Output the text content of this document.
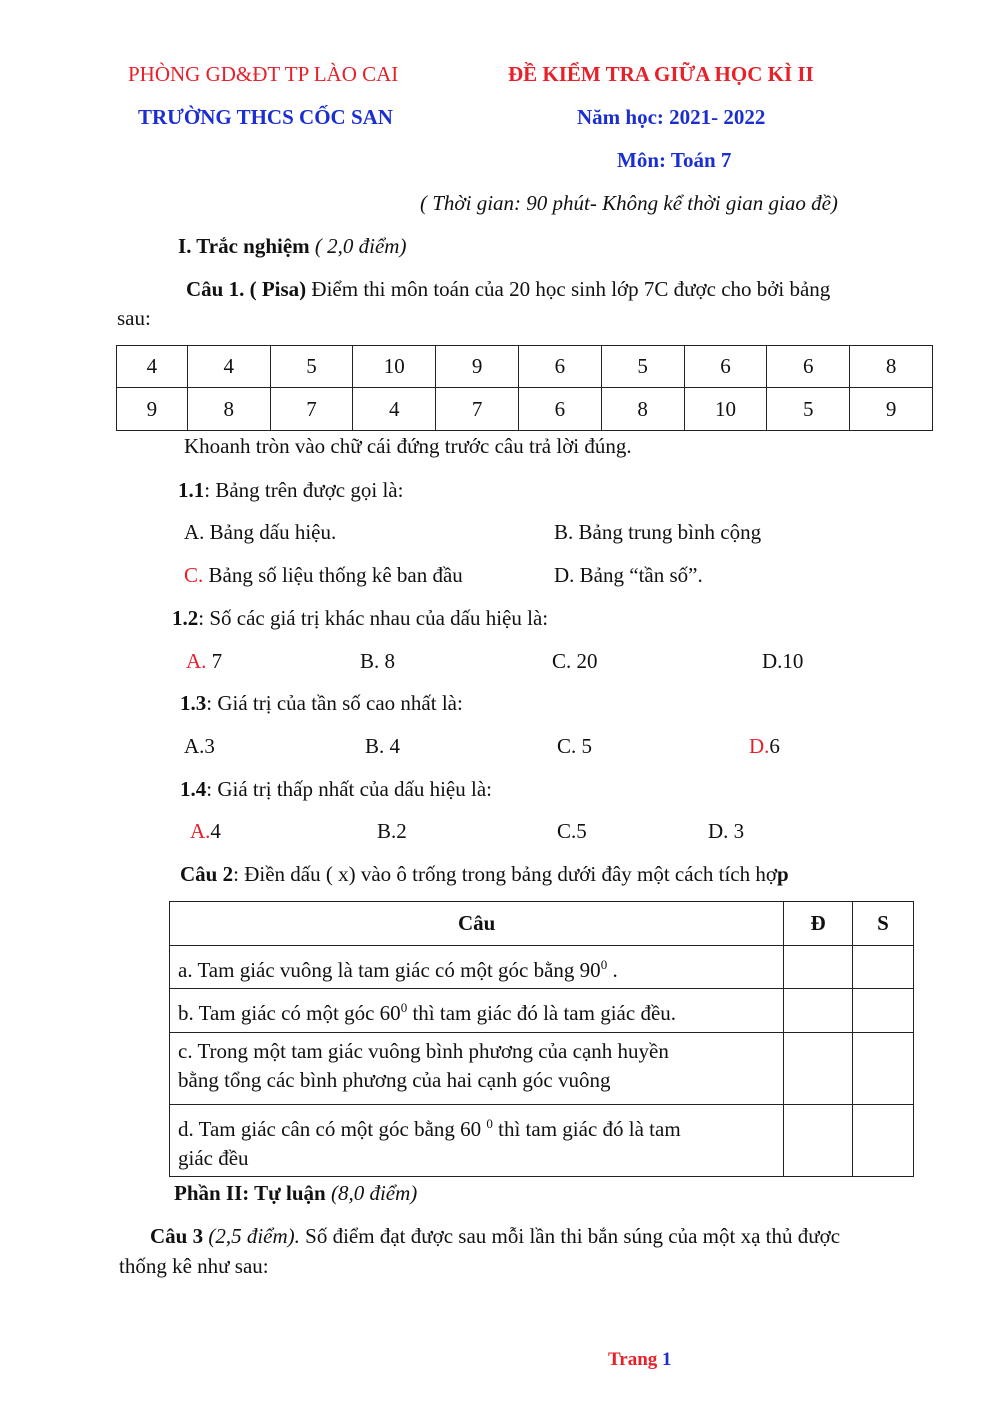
PHÒNG GD&ĐT TP LÀO CAI	ĐỀ KIỂM TRA GIỮA HỌC KÌ II
TRƯỜNG THCS CỐC SAN	Năm học: 2021- 2022
Môn: Toán 7
( Thời gian: 90 phút- Không kể thời gian giao đề)
I. Trắc nghiệm ( 2,0 điểm)
Câu 1. ( Pisa) Điểm thi môn toán của 20 học sinh lớp 7C được cho bởi bảng
sau:
4	4	5	10	9	6	5	6	6	8
9	8	7	4	7	6	8	10	5	9
Khoanh tròn vào chữ cái đứng trước câu trả lời đúng.
1.1: Bảng trên được gọi là:
A. Bảng dấu hiệu.	B. Bảng trung bình cộng
C. Bảng số liệu thống kê ban đầu	D. Bảng “tần số”.
1.2: Số các giá trị khác nhau của dấu hiệu là:
A. 7	B. 8	C. 20	D.10
1.3: Giá trị của tần số cao nhất là:
A.3	B. 4	C. 5	D.6
1.4: Giá trị thấp nhất của dấu hiệu là:
A.4	B.2	C.5	D. 3
Câu 2: Điền dấu ( x) vào ô trống trong bảng dưới đây một cách tích hợp
Câu	Đ	S
a. Tam giác vuông là tam giác có một góc bằng $90^0$ .		
b. Tam giác có một góc $60^0$ thì tam giác đó là tam giác đều.		

c. Trong một tam giác vuông bình phương của cạnh huyền
bằng tổng các bình phương của hai cạnh góc vuông		

d. Tam giác cân có một góc bằng 60 $^0$ thì tam giác đó là tam
giác đều		

Phần II: Tự luận (8,0 điểm)
Câu 3 (2,5 điểm). Số điểm đạt được sau mỗi lần thi bắn súng của một xạ thủ được
thống kê như sau:
Trang 1
